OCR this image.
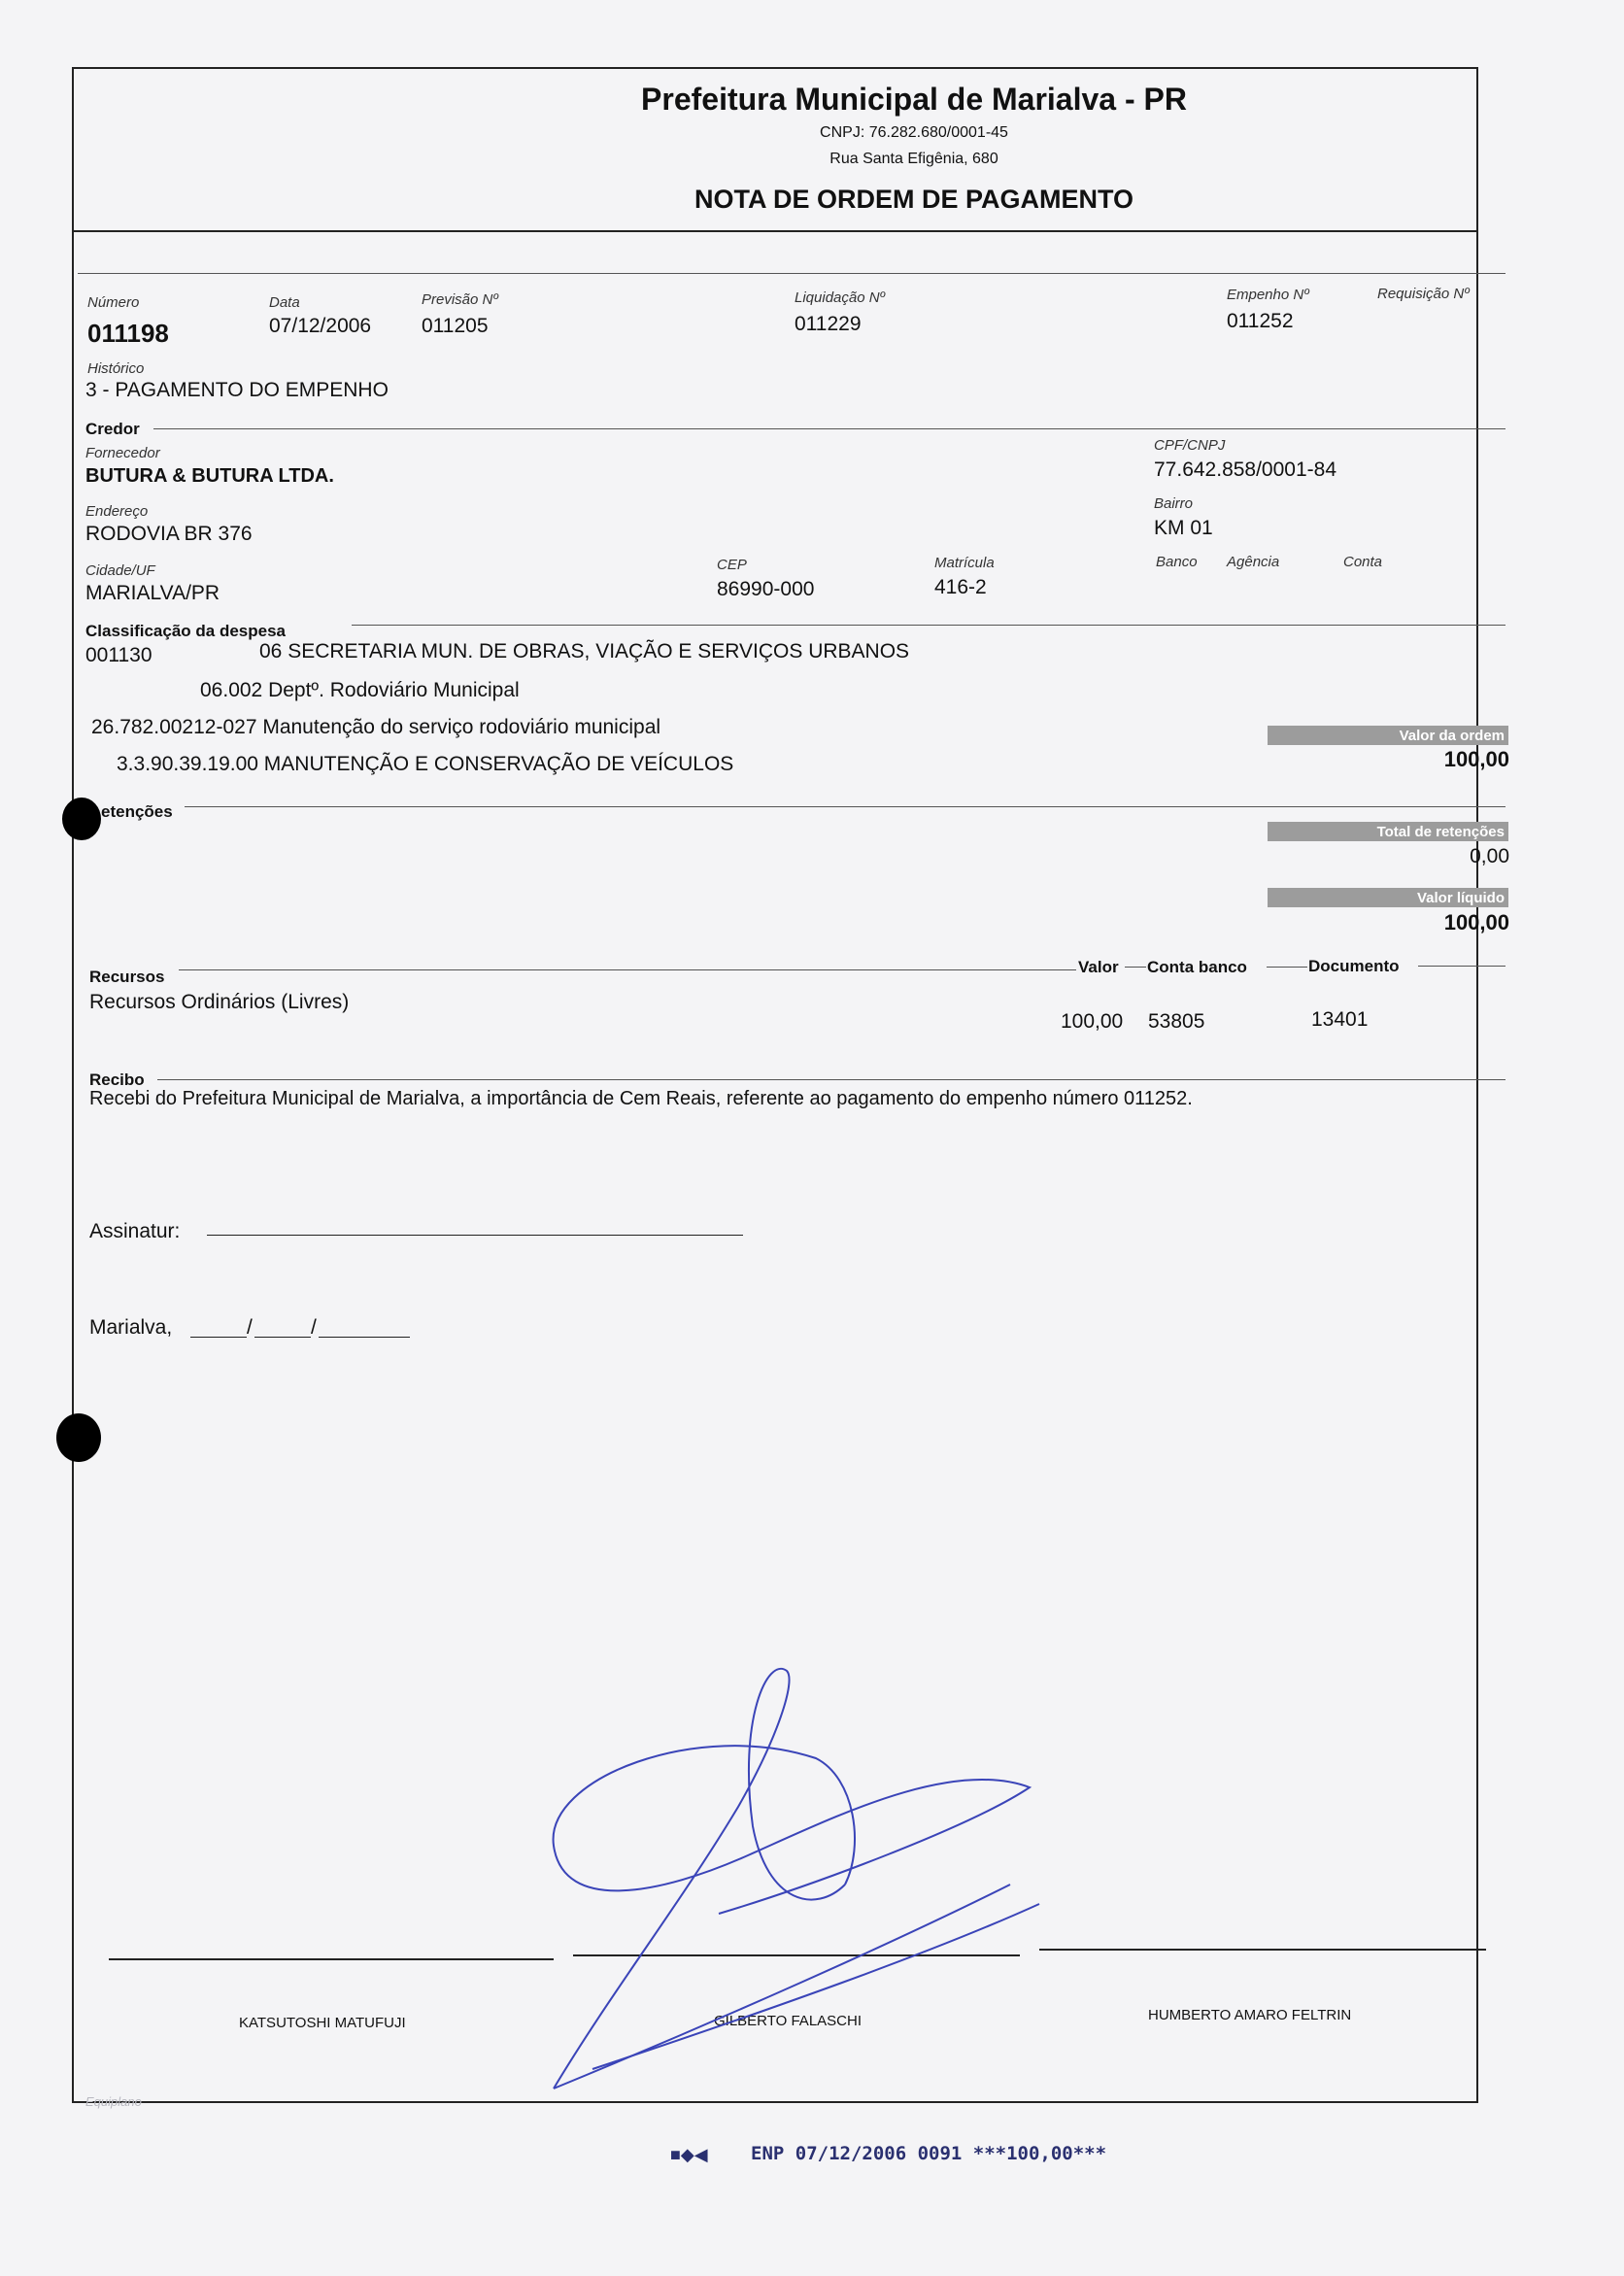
Prefeitura Municipal de Marialva - PR
CNPJ: 76.282.680/0001-45
Rua Santa Efigênia, 680
NOTA DE ORDEM DE PAGAMENTO
Número
011198
Data
07/12/2006
Previsão Nº
011205
Liquidação Nº
011229
Empenho Nº
011252
Requisição Nº
Histórico
3 - PAGAMENTO DO EMPENHO
Credor
Fornecedor
BUTURA & BUTURA LTDA.
CPF/CNPJ
77.642.858/0001-84
Endereço
RODOVIA BR 376
Bairro
KM 01
Cidade/UF
MARIALVA/PR
CEP
86990-000
Matrícula
416-2
Banco Agência	Conta
Classificação da despesa
001130	06 SECRETARIA MUN. DE OBRAS, VIAÇÃO E SERVIÇOS URBANOS
06.002 Deptº. Rodoviário Municipal
26.782.00212-027 Manutenção do serviço rodoviário municipal
3.3.90.39.19.00 MANUTENÇÃO E CONSERVAÇÃO DE VEÍCULOS
Valor da ordem
100,00
etenções
Total de retenções
0,00
Valor líquido
100,00
Recursos
Valor Conta banco	Documento
Recursos Ordinários (Livres)
100,00 53805	13401
Recibo
Recebi do Prefeitura Municipal de Marialva, a importância de Cem Reais, referente ao pagamento do empenho número 011252.
Assinatur:
Marialva,	/	/
KATSUTOSHI MATUFUJI	GILBERTO FALASCHI	HUMBERTO AMARO FELTRIN
Equiplano
■◆◀ ENP 07/12/2006 0091 ***100,00***
